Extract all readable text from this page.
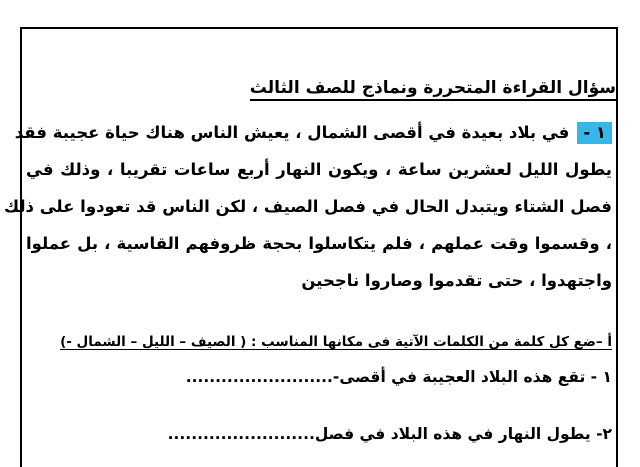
سؤال القراءة المتحررة ونماذج للصف الثالث
١ -في بلاد بعيدة في أقصى الشمال ، يعيش الناس هناك حياة عجيبة فقد
يطول الليل لعشرين ساعة ، ويكون النهار أربع ساعات تقريبا ، وذلك في
فصل الشتاء ويتبدل الحال في فصل الصيف ، لكن الناس قد تعودوا على ذلك
، وقسموا وقت عملهم ، فلم يتكاسلوا بحجة ظروفهم القاسية ، بل عملوا
واجتهدوا ، حتى تقدموا وصاروا ناجحين
أ –ضع كل كلمة من الكلمات الآتية فى مكانها المناسب : ( الصيف – الليل – الشمال -)
١ - تقع هذه البلاد العجيبة في أقصى-.........................
٢- يطول النهار في هذه البلاد في فصل.........................
